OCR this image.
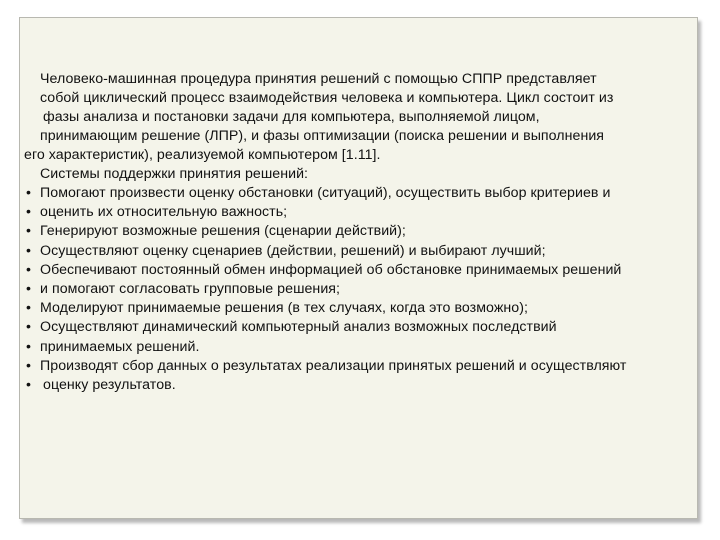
Человеко-машинная процедура принятия решений с помощью СППР представляет
собой циклический процесс взаимодействия человека и компьютера. Цикл состоит из
фазы анализа и постановки задачи для компьютера, выполняемой лицом,
принимающим решение (ЛПР), и фазы оптимизации (поиска решении и выполнения
его характеристик), реализуемой компьютером [1.11].
Системы поддержки принятия решений:
• Помогают произвести оценку обстановки (ситуаций), осуществить выбор критериев и
• оценить их относительную важность;
• Генерируют возможные решения (сценарии действий);
• Осуществляют оценку сценариев (действии, решений) и выбирают лучший;
• Обеспечивают постоянный обмен информацией об обстановке принимаемых решений
• и помогают согласовать групповые решения;
• Моделируют принимаемые решения (в тех случаях, когда это возможно);
• Осуществляют динамический компьютерный анализ возможных последствий
• принимаемых решений.
• Производят сбор данных о результатах реализации принятых решений и осуществляют
• оценку результатов.
